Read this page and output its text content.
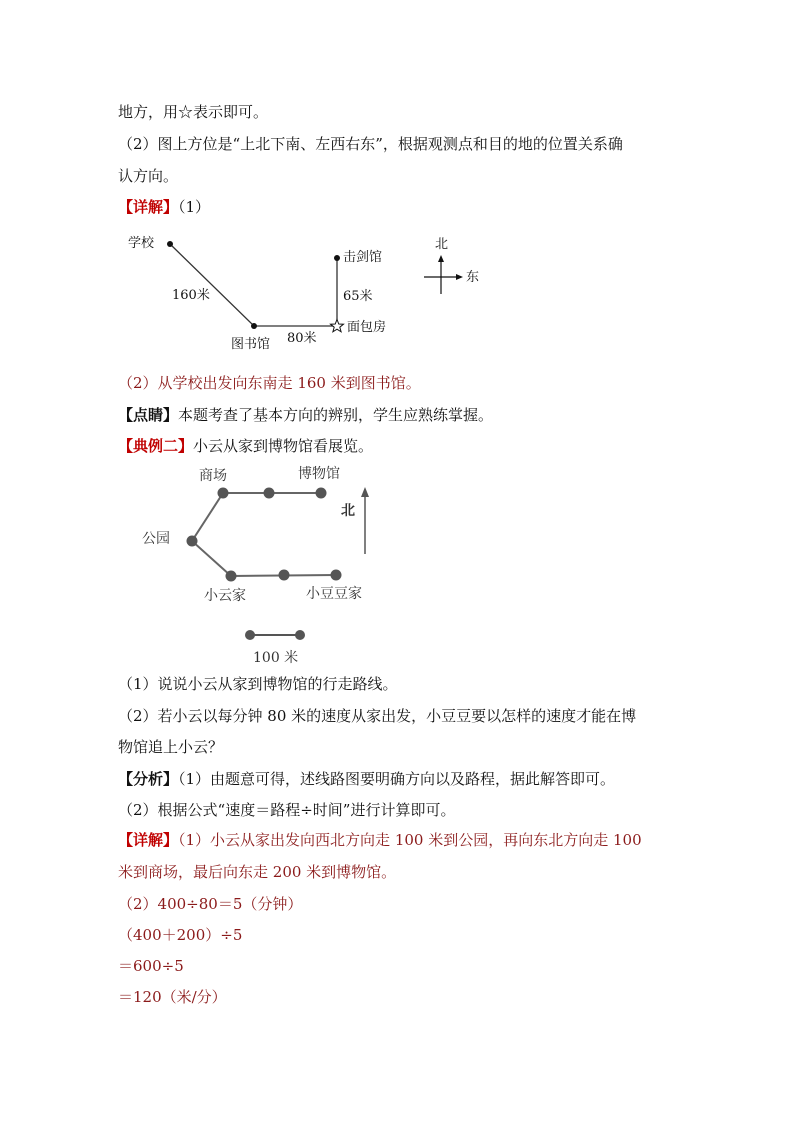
地方，用☆表示即可。
（2）图上方位是“上北下南、左西右东”，根据观测点和目的地的位置关系确
认方向。
【详解】（1）
学校
160米
图书馆 80米
击剑馆
65米
面包房
北
东
（2）从学校出发向东南走 160 米到图书馆。
【点睛】本题考查了基本方向的辨别，学生应熟练掌握。
【典例二】小云从家到博物馆看展览。
商场	博物馆
公园
小云家	小豆豆家
北
100 米
（1）说说小云从家到博物馆的行走路线。
（2）若小云以每分钟 80 米的速度从家出发，小豆豆要以怎样的速度才能在博
物馆追上小云？
【分析】（1）由题意可得，述线路图要明确方向以及路程，据此解答即可。
（2）根据公式“速度＝路程÷时间”进行计算即可。
【详解】（1）小云从家出发向西北方向走 100 米到公园，再向东北方向走 100
米到商场，最后向东走 200 米到博物馆。
（2）400÷80＝5（分钟）
（400＋200）÷5
＝600÷5
＝120（米/分）
